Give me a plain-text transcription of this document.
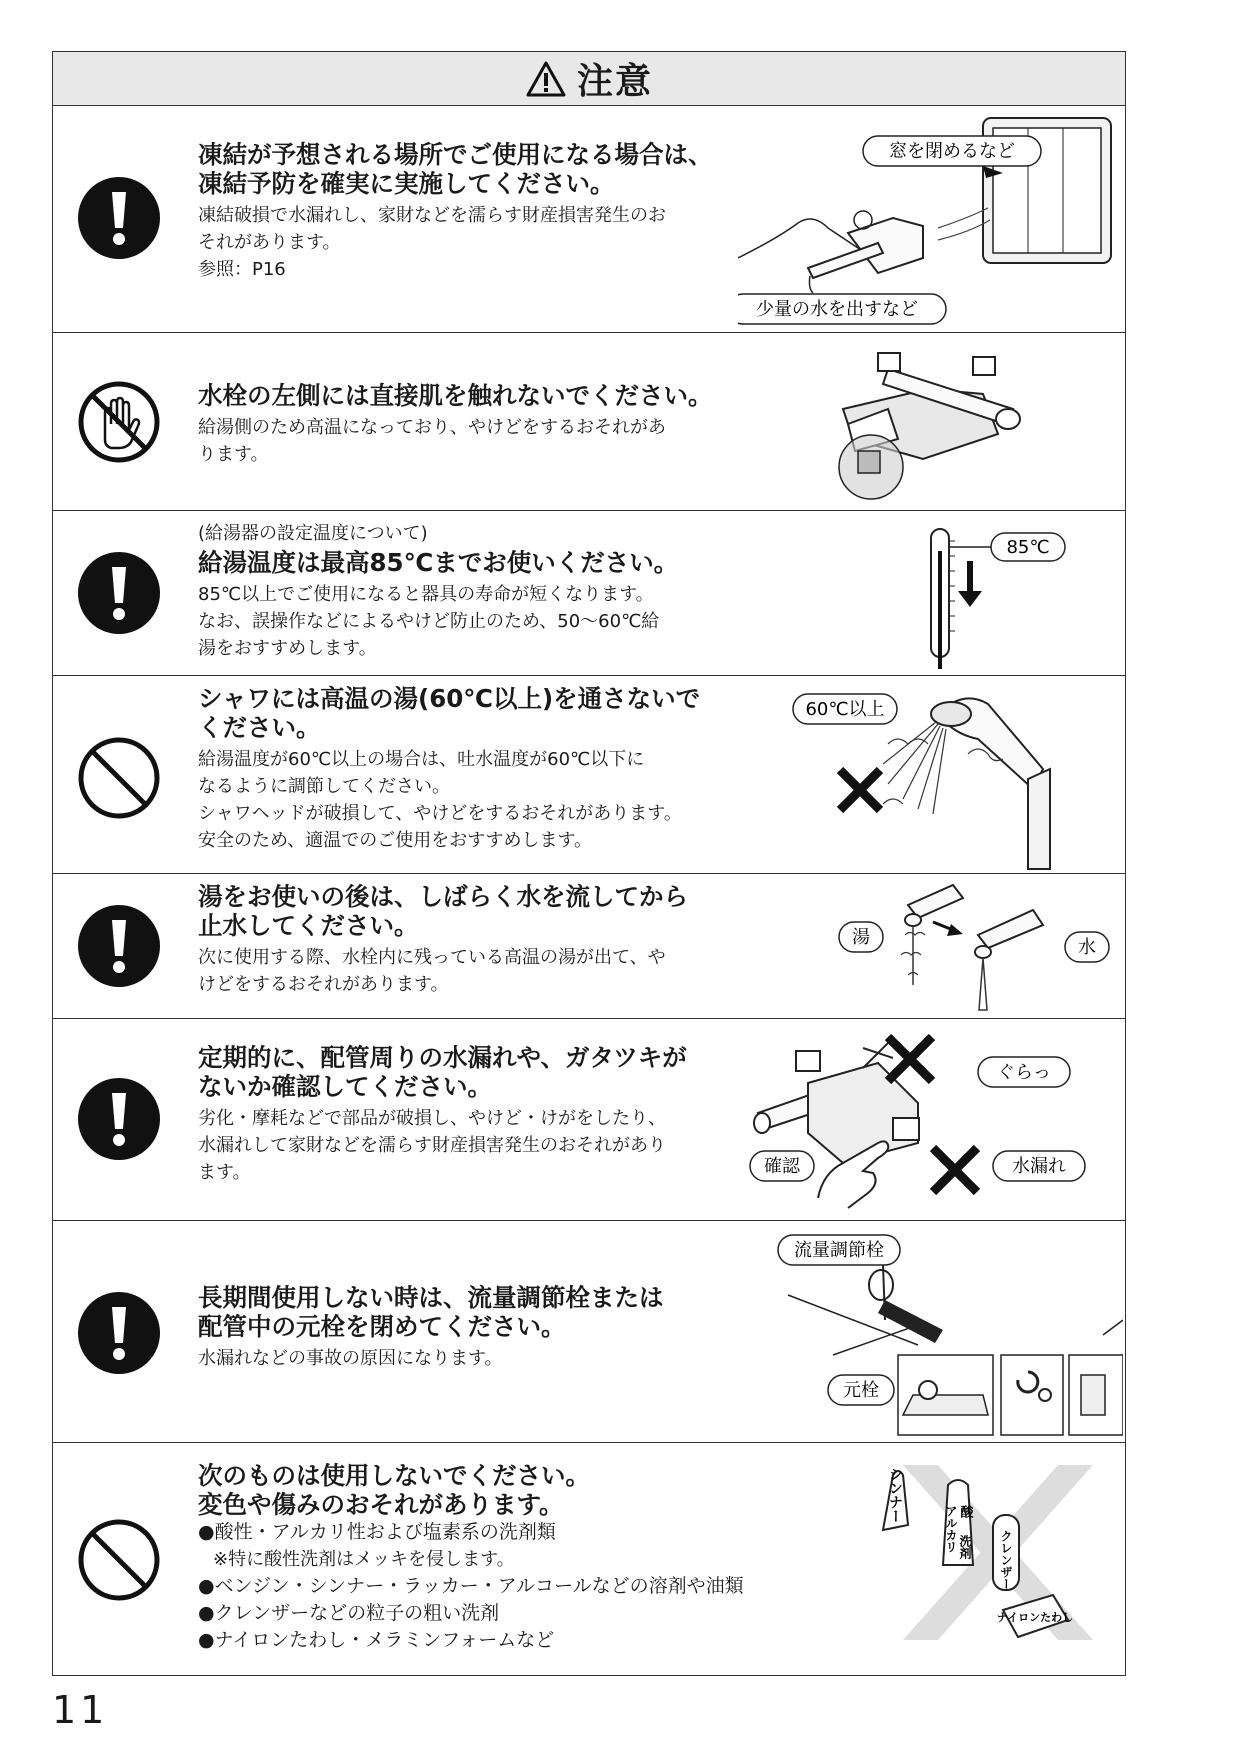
注意

凍結が予想される場所でご使用になる場合は、

凍結予防を確実に実施してください。

凍結破損で水漏れし、家財などを濡らす財産損害発生のお

それがあります。

参照：P16

窓を閉めるなど
少量の水を出すなど

水栓の左側には直接肌を触れないでください。

給湯側のため高温になっており、やけどをするおそれがあ

ります。

(給湯器の設定温度について)

給湯温度は最高85℃までお使いください。

85℃以上でご使用になると器具の寿命が短くなります。

なお、誤操作などによるやけど防止のため、50～60℃給

湯をおすすめします。

85℃

シャワには高温の湯(60℃以上)を通さないで

ください。

給湯温度が60℃以上の場合は、吐水温度が60℃以下に

なるように調節してください。

シャワヘッドが破損して、やけどをするおそれがあります。

安全のため、適温でのご使用をおすすめします。

60℃以上

湯をお使いの後は、しばらく水を流してから

止水してください。

次に使用する際、水栓内に残っている高温の湯が出て、や

けどをするおそれがあります。

湯	水

定期的に、配管周りの水漏れや、ガタツキが

ないか確認してください。

劣化・摩耗などで部品が破損し、やけど・けがをしたり、

水漏れして家財などを濡らす財産損害発生のおそれがあり

ます。

ぐらっ
水漏れ
確認

長期間使用しない時は、流量調節栓または

配管中の元栓を閉めてください。

水漏れなどの事故の原因になります。

流量調節栓
元栓

次のものは使用しないでください。

変色や傷みのおそれがあります。

●酸性・アルカリ性および塩素系の洗剤類

※特に酸性洗剤はメッキを侵します。

●ベンジン・シンナー・ラッカー・アルコールなどの溶剤や油類

●クレンザーなどの粒子の粗い洗剤

●ナイロンたわし・メラミンフォームなど

シンナー	酸
アルカリ 洗剤 クレンザー
ナイロンたわし
11
